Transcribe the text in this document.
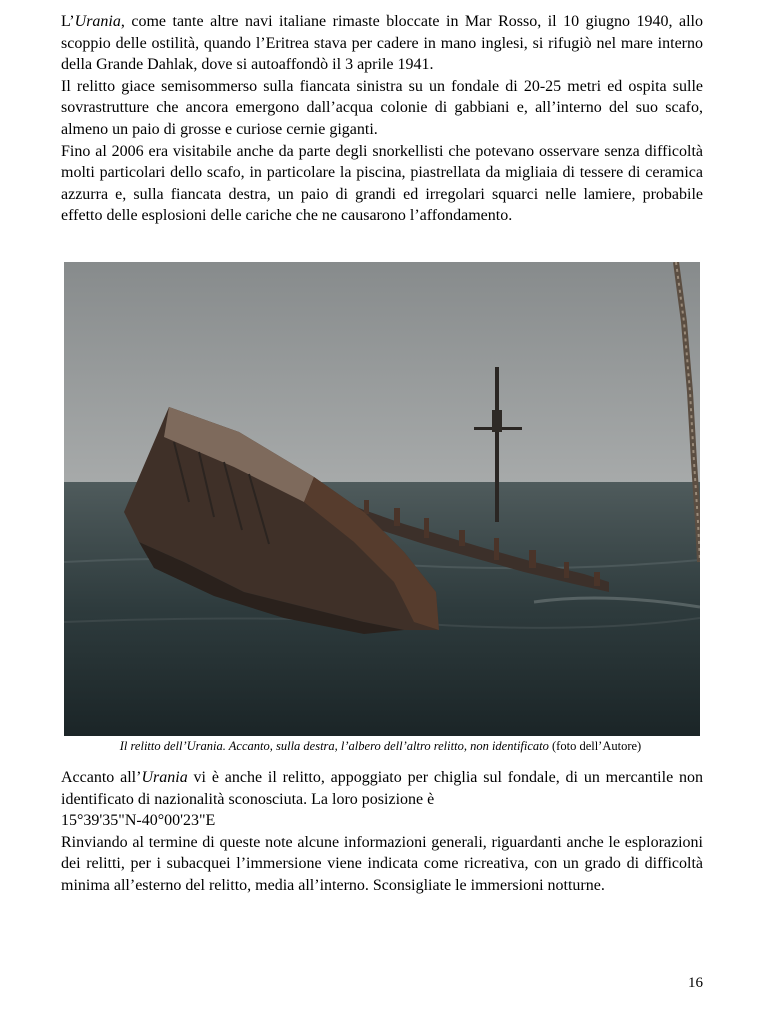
L’Urania, come tante altre navi italiane rimaste bloccate in Mar Rosso, il 10 giugno 1940, allo scoppio delle ostilità, quando l’Eritrea stava per cadere in mano inglesi, si rifugiò nel mare interno della Grande Dahlak, dove si autoaffondò il 3 aprile 1941.

Il relitto giace semisommerso sulla fiancata sinistra su un fondale di 20-25 metri ed ospita sulle sovrastrutture che ancora emergono dall’acqua colonie di gabbiani e, all’interno del suo scafo, almeno un paio di grosse e curiose cernie giganti.

Fino al 2006 era visitabile anche da parte degli snorkellisti che potevano osservare senza difficoltà molti particolari dello scafo, in particolare la piscina, piastrellata da migliaia di tessere di ceramica azzurra e, sulla fiancata destra, un paio di grandi ed irregolari squarci nelle lamiere, probabile effetto delle esplosioni delle cariche che ne causarono l’affondamento.

Il relitto dell’Urania. Accanto, sulla destra, l’albero dell’altro relitto, non identificato (foto dell’Autore)

Accanto all’Urania vi è anche il relitto, appoggiato per chiglia sul fondale, di un mercantile non identificato di nazionalità sconosciuta. La loro posizione è
15°39'35"N-40°00'23"E

Rinviando al termine di queste note alcune informazioni generali, riguardanti anche le esplorazioni dei relitti, per i subacquei l’immersione viene indicata come ricreativa, con un grado di difficoltà minima all’esterno del relitto, media all’interno. Sconsigliate le immersioni notturne.

16
